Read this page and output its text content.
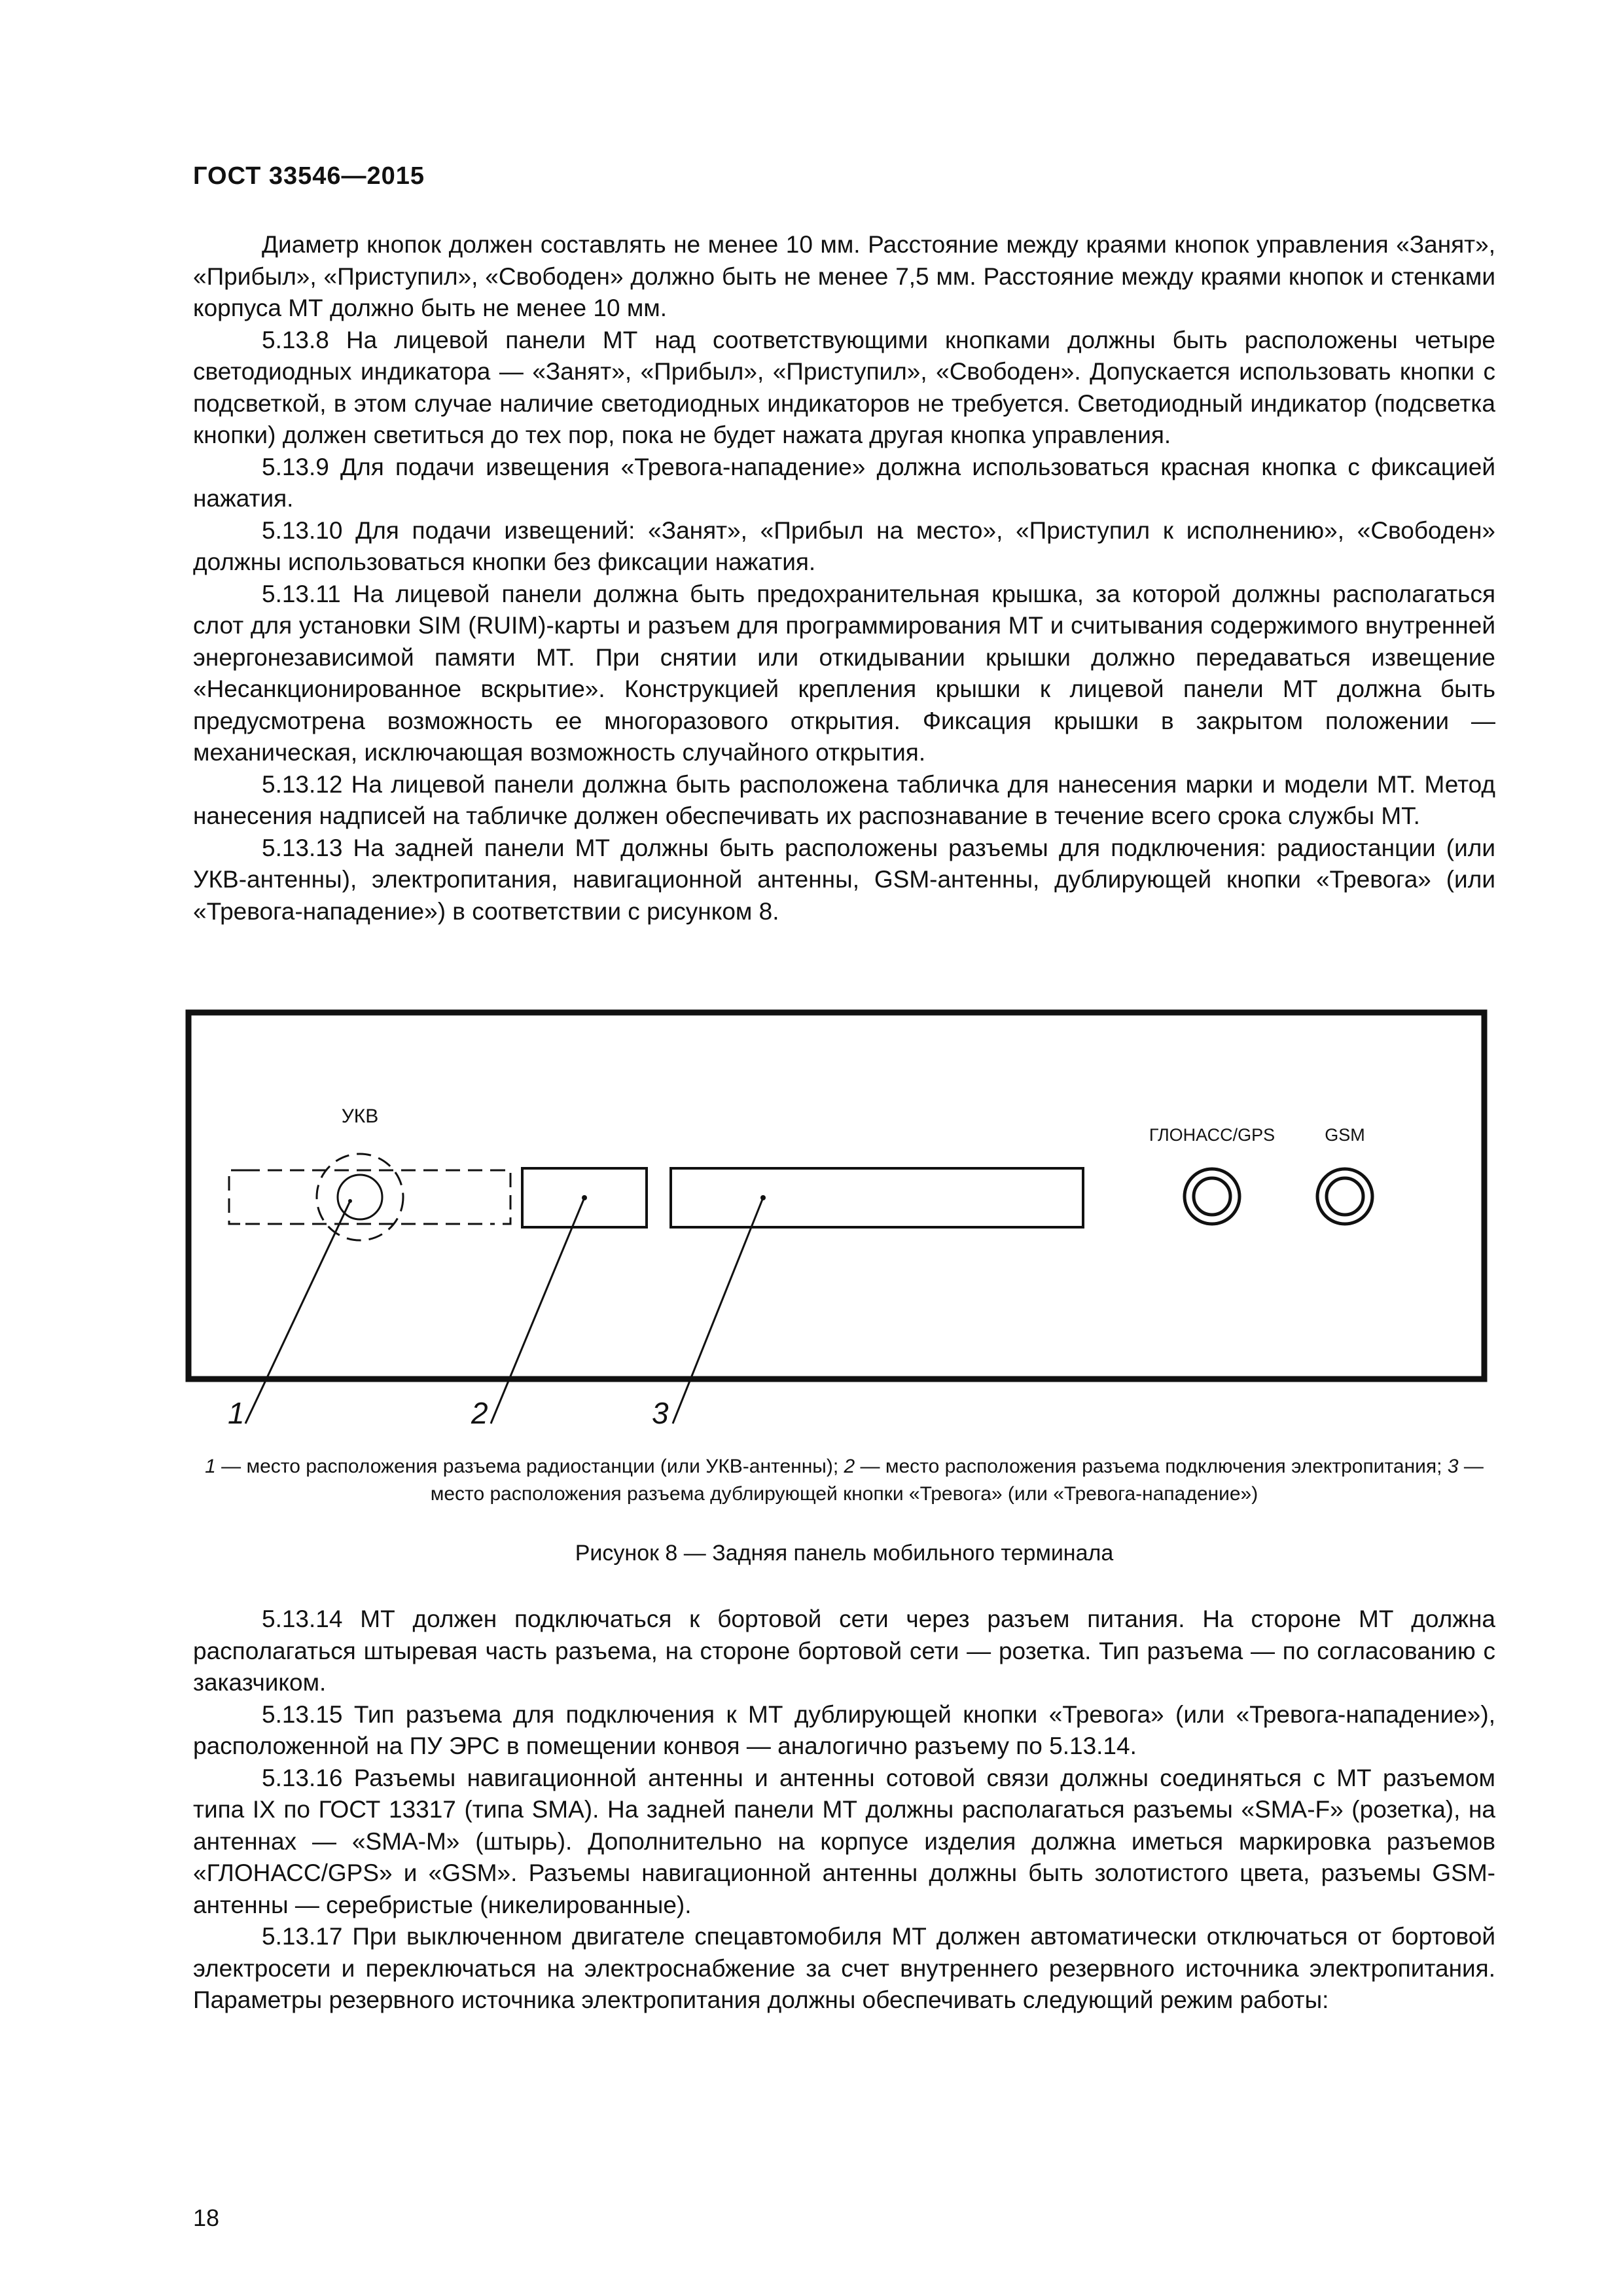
ГОСТ 33546—2015

Диаметр кнопок должен составлять не менее 10 мм. Расстояние между краями кнопок управления «Занят», «Прибыл», «Приступил», «Свободен» должно быть не менее 7,5 мм. Расстояние между краями кнопок и стенками корпуса МТ должно быть не менее 10 мм.

5.13.8 На лицевой панели МТ над соответствующими кнопками должны быть расположены четыре светодиодных индикатора — «Занят», «Прибыл», «Приступил», «Свободен». Допускается использовать кнопки с подсветкой, в этом случае наличие светодиодных индикаторов не требуется. Светодиодный индикатор (подсветка кнопки) должен светиться до тех пор, пока не будет нажата другая кнопка управления.

5.13.9 Для подачи извещения «Тревога-нападение» должна использоваться красная кнопка с фиксацией нажатия.

5.13.10 Для подачи извещений: «Занят», «Прибыл на место», «Приступил к исполнению», «Свободен» должны использоваться кнопки без фиксации нажатия.

5.13.11 На лицевой панели должна быть предохранительная крышка, за которой должны располагаться слот для установки SIM (RUIM)-карты и разъем для программирования МТ и считывания содержимого внутренней энергонезависимой памяти МТ. При снятии или откидывании крышки должно передаваться извещение «Несанкционированное вскрытие». Конструкцией крепления крышки к лицевой панели МТ должна быть предусмотрена возможность ее многоразового открытия. Фиксация крышки в закрытом положении — механическая, исключающая возможность случайного открытия.

5.13.12 На лицевой панели должна быть расположена табличка для нанесения марки и модели МТ. Метод нанесения надписей на табличке должен обеспечивать их распознавание в течение всего срока службы МТ.

5.13.13 На задней панели МТ должны быть расположены разъемы для подключения: радиостанции (или УКВ-антенны), электропитания, навигационной антенны, GSM-антенны, дублирующей кнопки «Тревога» (или «Тревога-нападение») в соответствии с рисунком 8.

УКВ
ГЛОНАСС/GPS	GSM
1	2	3
1 — место расположения разъема радиостанции (или УКВ-антенны); 2 — место расположения разъема подключения электропитания; 3 — место расположения разъема дублирующей кнопки «Тревога» (или «Тревога-нападение»)
Рисунок 8 — Задняя панель мобильного терминала

5.13.14 МТ должен подключаться к бортовой сети через разъем питания. На стороне МТ должна располагаться штыревая часть разъема, на стороне бортовой сети — розетка. Тип разъема — по согласованию с заказчиком.

5.13.15 Тип разъема для подключения к МТ дублирующей кнопки «Тревога» (или «Тревога-нападение»), расположенной на ПУ ЭРС в помещении конвоя — аналогично разъему по 5.13.14.

5.13.16 Разъемы навигационной антенны и антенны сотовой связи должны соединяться с МТ разъемом типа IX по ГОСТ 13317 (типа SMA). На задней панели МТ должны располагаться разъемы «SMA-F» (розетка), на антеннах — «SMA-M» (штырь). Дополнительно на корпусе изделия должна иметься маркировка разъемов «ГЛОНАСС/GPS» и «GSM». Разъемы навигационной антенны должны быть золотистого цвета, разъемы GSM-антенны — серебристые (никелированные).

5.13.17 При выключенном двигателе спецавтомобиля МТ должен автоматически отключаться от бортовой электросети и переключаться на электроснабжение за счет внутреннего резервного источника электропитания. Параметры резервного источника электропитания должны обеспечивать следующий режим работы:

18
